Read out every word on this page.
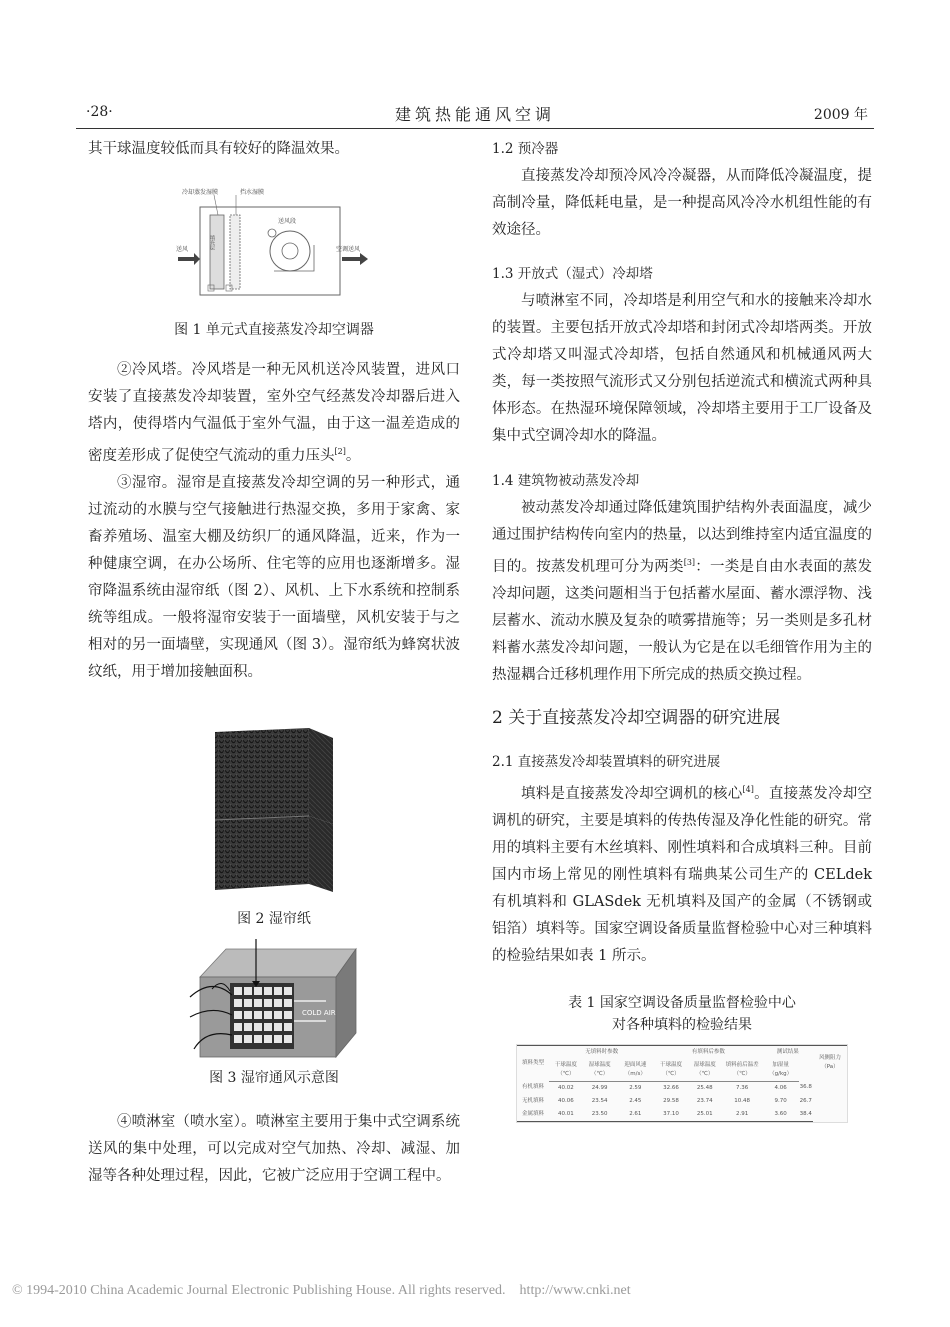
·28·	建筑热能通风空调	2009 年

其干球温度较低而具有较好的降温效果。

冷却蒸发湿膜	挡水湿膜
填充层
送风段
送风	空调送风

图 1 单元式直接蒸发冷却空调器

②冷风塔。冷风塔是一种无风机送冷风装置，进风口安装了直接蒸发冷却装置，室外空气经蒸发冷却器后进入塔内，使得塔内气温低于室外气温，由于这一温差造成的密度差形成了促使空气流动的重力压头[2]。

③湿帘。湿帘是直接蒸发冷却空调的另一种形式，通过流动的水膜与空气接触进行热湿交换，多用于家禽、家畜养殖场、温室大棚及纺织厂的通风降温，近来，作为一种健康空调，在办公场所、住宅等的应用也逐渐增多。湿帘降温系统由湿帘纸（图 2）、风机、上下水系统和控制系统等组成。一般将湿帘安装于一面墙壁，风机安装于与之相对的另一面墙壁，实现通风（图 3）。湿帘纸为蜂窝状波纹纸，用于增加接触面积。

图 2 湿帘纸

COLD AIR

图 3 湿帘通风示意图

④喷淋室（喷水室）。喷淋室主要用于集中式空调系统送风的集中处理，可以完成对空气加热、冷却、减湿、加湿等各种处理过程，因此，它被广泛应用于空调工程中。

1.2 预冷器

直接蒸发冷却预冷风冷冷凝器，从而降低冷凝温度，提高制冷量，降低耗电量，是一种提高风冷冷水机组性能的有效途径。

1.3 开放式（湿式）冷却塔

与喷淋室不同，冷却塔是利用空气和水的接触来冷却水的装置。主要包括开放式冷却塔和封闭式冷却塔两类。开放式冷却塔又叫湿式冷却塔，包括自然通风和机械通风两大类，每一类按照气流形式又分别包括逆流式和横流式两种具体形态。在热湿环境保障领域，冷却塔主要用于工厂设备及集中式空调冷却水的降温。

1.4 建筑物被动蒸发冷却

被动蒸发冷却通过降低建筑围护结构外表面温度，减少通过围护结构传向室内的热量，以达到维持室内适宜温度的目的。按蒸发机理可分为两类[3]：一类是自由水表面的蒸发冷却问题，这类问题相当于包括蓄水屋面、蓄水漂浮物、浅层蓄水、流动水膜及复杂的喷雾措施等；另一类则是多孔材料蓄水蒸发冷却问题，一般认为它是在以毛细管作用为主的热湿耦合迁移机理作用下所完成的热质交换过程。

2 关于直接蒸发冷却空调器的研究进展

2.1 直接蒸发冷却装置填料的研究进展

填料是直接蒸发冷却空调机的核心[4]。直接蒸发冷却空调机的研究，主要是填料的传热传湿及净化性能的研究。常用的填料主要有木丝填料、刚性填料和合成填料三种。目前国内市场上常见的刚性填料有瑞典某公司生产的 CELdek 有机填料和 GLASdek 无机填料及国产的金属（不锈钢或铝箔）填料等。国家空调设备质量监督检验中心对三种填料的检验结果如表 1 所示。

表 1 国家空调设备质量监督检验中心

对各种填料的检验结果

填料类型	无填料时参数			有填料后参数			测试结果		风侧阻力（Pa）
	干球温度（℃）	湿球温度（℃）	迎面风速（m/s）	干球温度（℃）	湿球温度（℃）	填料前后温差（℃）	加湿量（g/kg）		
有机填料	40.02	24.99	2.59	32.66	25.48	7.36	4.06	36.8	
无机填料	40.06	23.54	2.45	29.58	23.74	10.48	9.70	26.7	
金属填料	40.01	23.50	2.61	37.10	25.01	2.91	3.60	38.4	
© 1994-2010 China Academic Journal Electronic Publishing House. All rights reserved.    http://www.cnki.net
